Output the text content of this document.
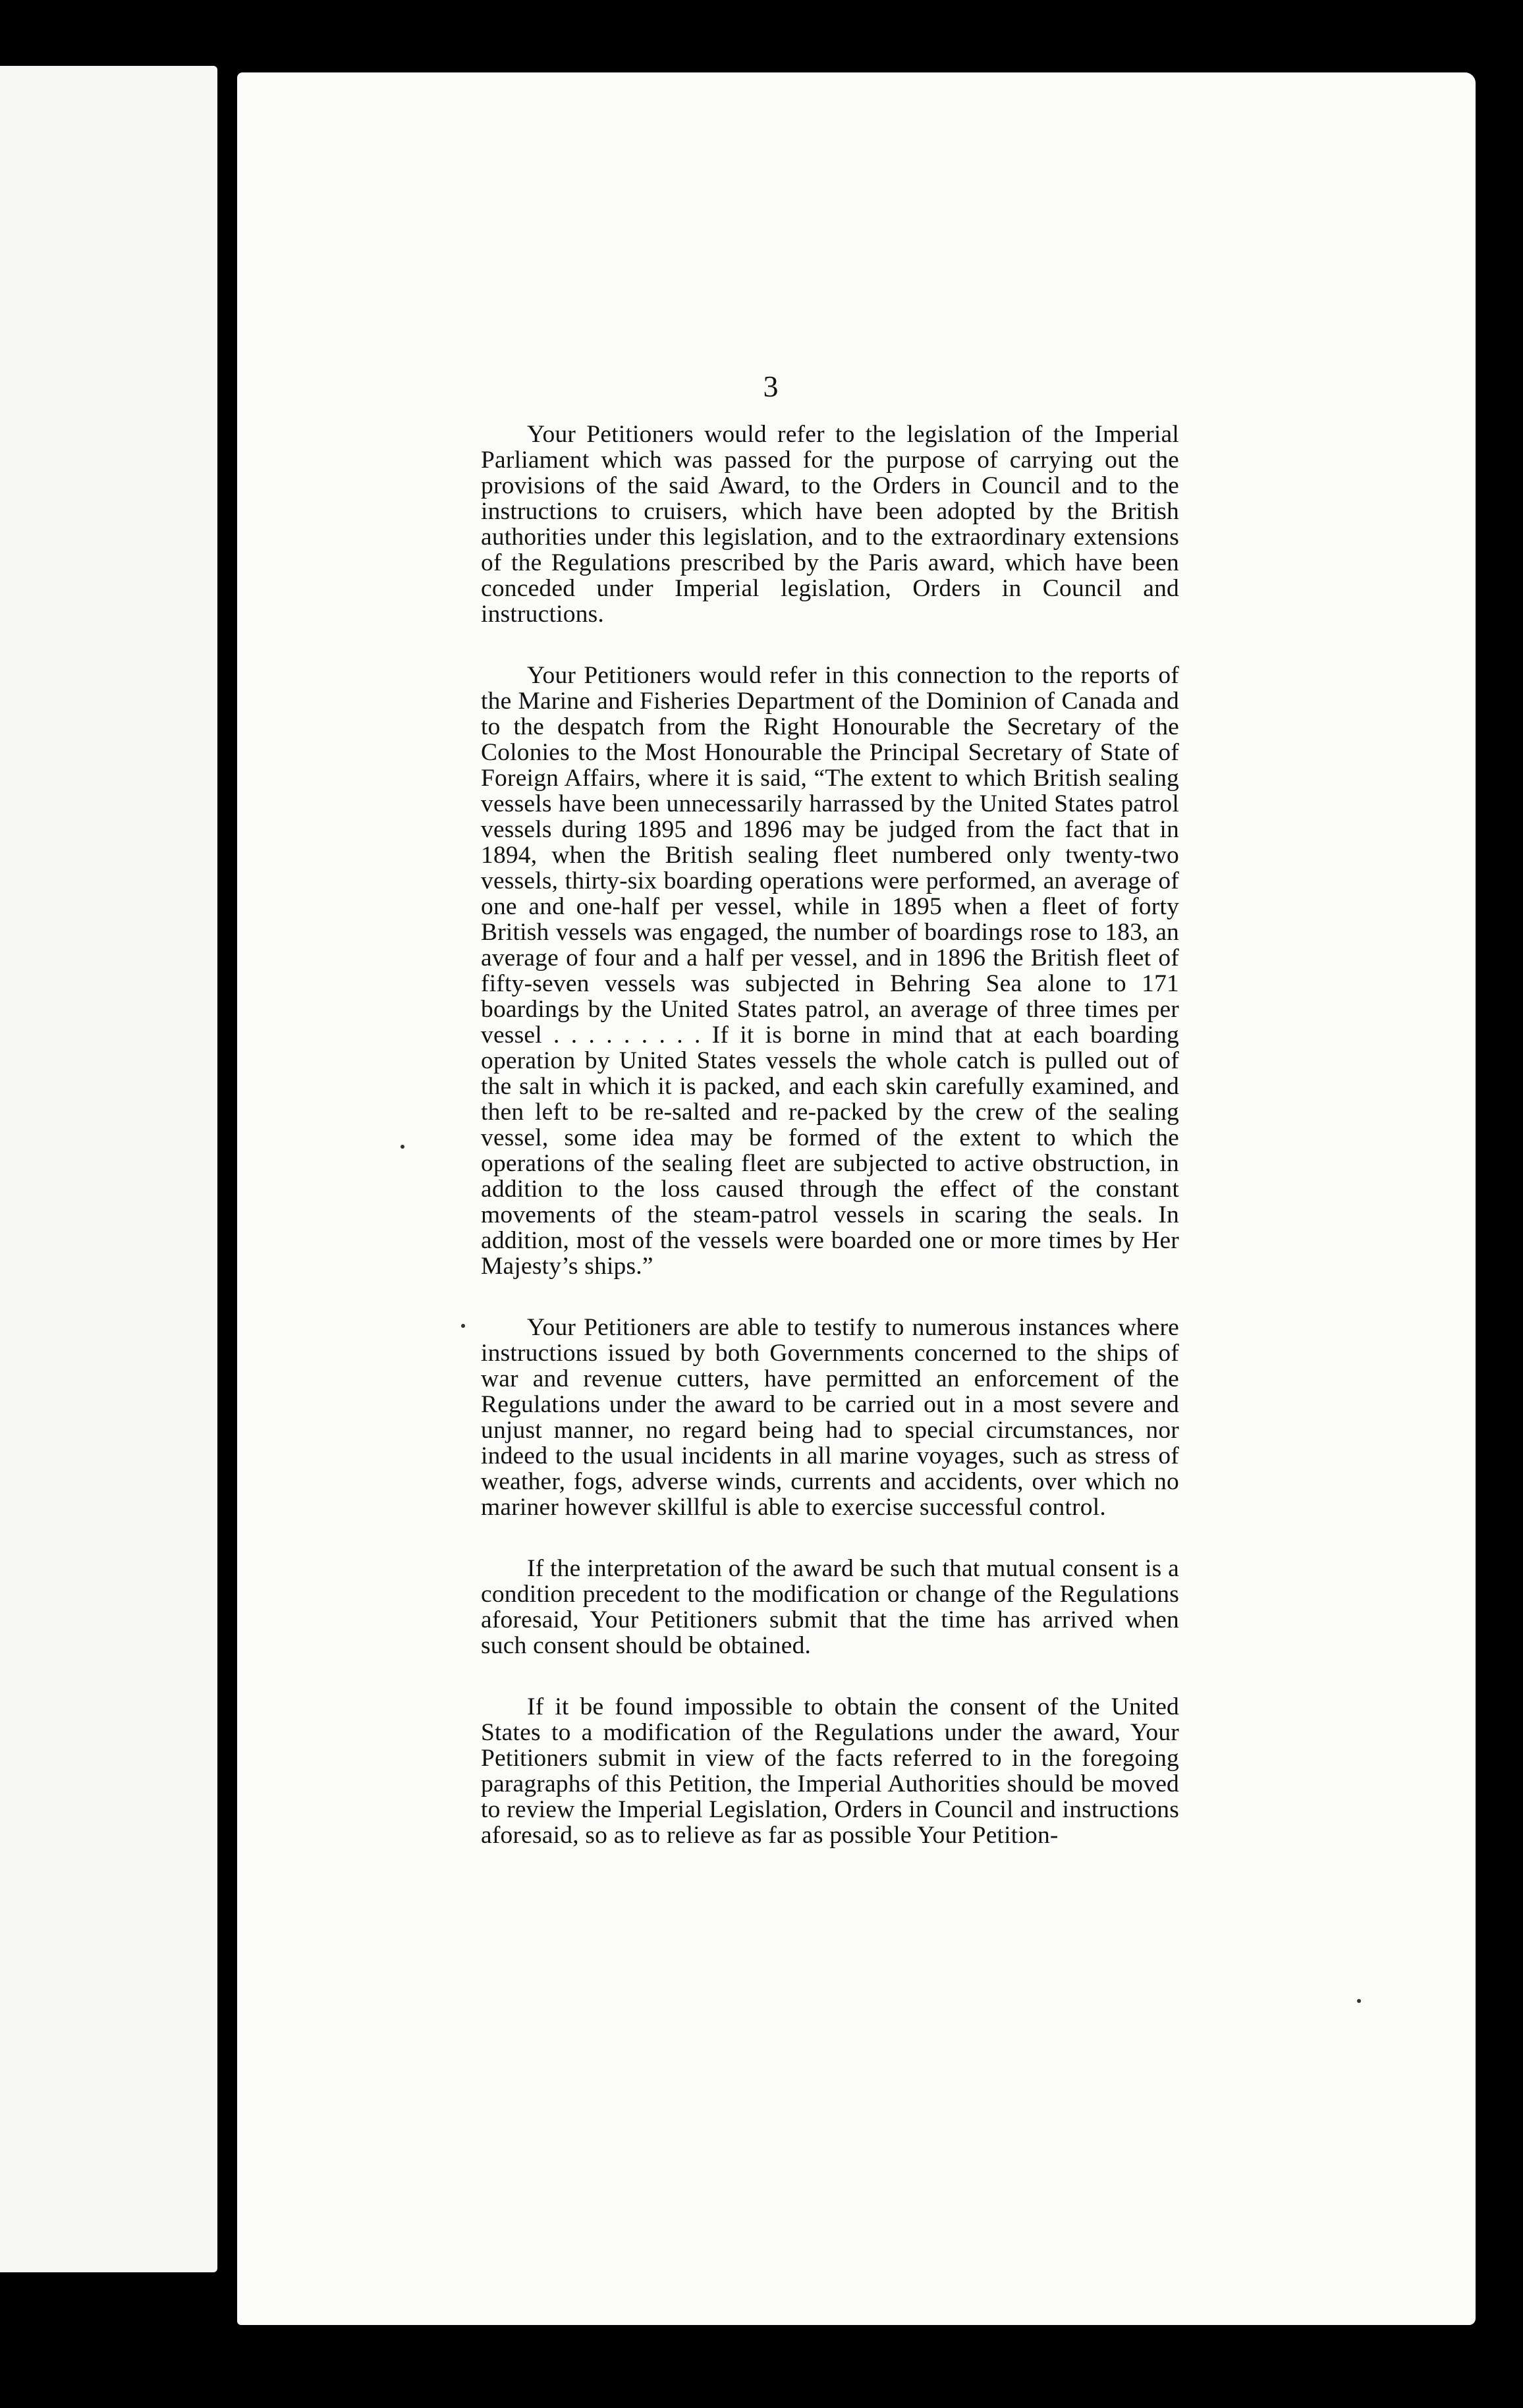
3

Your Petitioners would refer to the legislation of the Imperial Parliament which was passed for the purpose of carrying out the provisions of the said Award, to the Orders in Council and to the instructions to cruisers, which have been adopted by the British authorities under this legislation, and to the extraordinary extensions of the Regulations prescribed by the Paris award, which have been conceded under Imperial legislation, Orders in Council and instructions.

Your Petitioners would refer in this connection to the reports of the Marine and Fisheries Department of the Dominion of Canada and to the despatch from the Right Honourable the Secretary of the Colonies to the Most Honourable the Principal Secretary of State of Foreign Affairs, where it is said, “The extent to which British sealing vessels have been unnecessarily harrassed by the United States patrol vessels during 1895 and 1896 may be judged from the fact that in 1894, when the British sealing fleet numbered only twenty-two vessels, thirty-six boarding operations were performed, an average of one and one-half per vessel, while in 1895 when a fleet of forty British vessels was engaged, the number of boardings rose to 183, an average of four and a half per vessel, and in 1896 the British fleet of fifty-seven vessels was subjected in Behring Sea alone to 171 boardings by the United States patrol, an average of three times per vessel . . . . . . . . . If it is borne in mind that at each boarding operation by United States vessels the whole catch is pulled out of the salt in which it is packed, and each skin carefully examined, and then left to be re-salted and re-packed by the crew of the sealing vessel, some idea may be formed of the extent to which the operations of the sealing fleet are subjected to active obstruction, in addition to the loss caused through the effect of the constant movements of the steam-patrol vessels in scaring the seals. In addition, most of the vessels were boarded one or more times by Her Majesty’s ships.”

Your Petitioners are able to testify to numerous instances where instructions issued by both Governments concerned to the ships of war and revenue cutters, have permitted an enforcement of the Regulations under the award to be carried out in a most severe and unjust manner, no regard being had to special circumstances, nor indeed to the usual incidents in all marine voyages, such as stress of weather, fogs, adverse winds, currents and accidents, over which no mariner however skillful is able to exercise successful control.

If the interpretation of the award be such that mutual consent is a condition precedent to the modification or change of the Regulations aforesaid, Your Petitioners submit that the time has arrived when such consent should be obtained.

If it be found impossible to obtain the consent of the United States to a modification of the Regulations under the award, Your Petitioners submit in view of the facts referred to in the foregoing paragraphs of this Petition, the Imperial Authorities should be moved to review the Imperial Legislation, Orders in Council and instructions aforesaid, so as to relieve as far as possible Your Petition-
